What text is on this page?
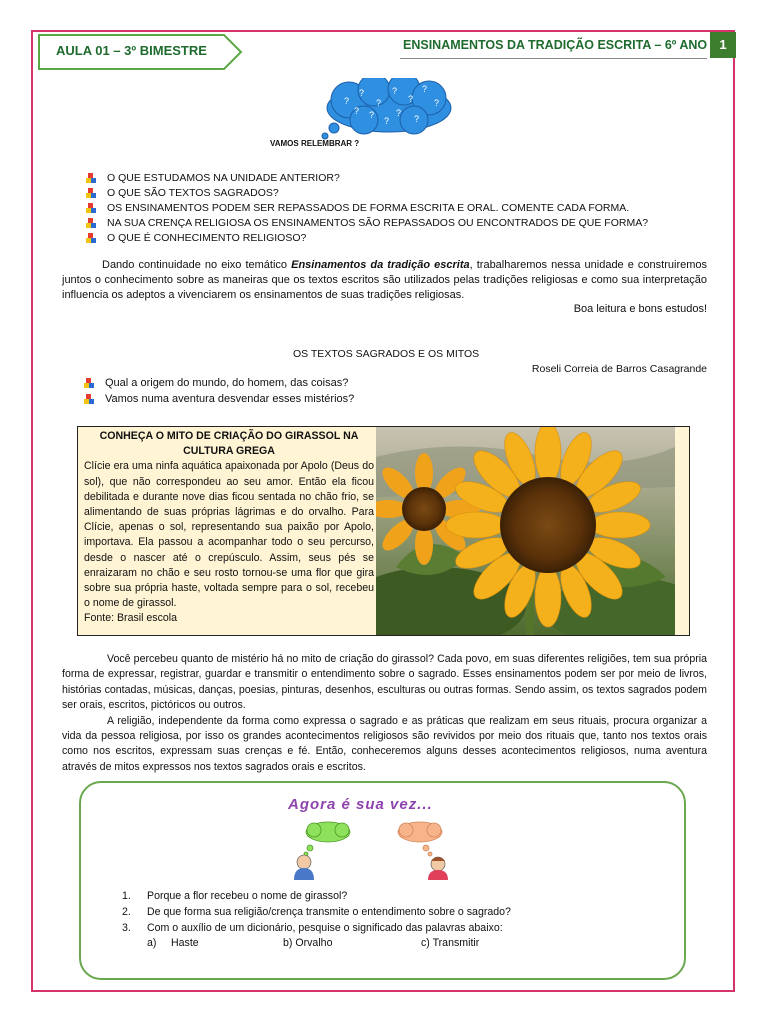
AULA 01 – 3º BIMESTRE	ENSINAMENTOS DA TRADIÇÃO ESCRITA – 6º ANO 1
?
?
?
?
?
?
?
? ?
?
?
?
VAMOS RELEMBRAR ?
O QUE ESTUDAMOS NA UNIDADE ANTERIOR?
O QUE SÃO TEXTOS SAGRADOS?
OS ENSINAMENTOS PODEM SER REPASSADOS DE FORMA ESCRITA E ORAL. COMENTE CADA FORMA.
NA SUA CRENÇA RELIGIOSA OS ENSINAMENTOS SÃO REPASSADOS OU ENCONTRADOS DE QUE FORMA?
O QUE É CONHECIMENTO RELIGIOSO?

Dando continuidade no eixo temático Ensinamentos da tradição escrita, trabalharemos nessa unidade e construiremos juntos o conhecimento sobre as maneiras que os textos escritos são utilizados pelas tradições religiosas e como sua interpretação influencia os adeptos a vivenciarem os ensinamentos de suas tradições religiosas.

Boa leitura e bons estudos!
OS TEXTOS SAGRADOS E OS MITOS
Roseli Correia de Barros Casagrande
Qual a origem do mundo, do homem, das coisas?
Vamos numa aventura desvendar esses mistérios?
CONHEÇA O MITO DE CRIAÇÃO DO GIRASSOL NA CULTURA GREGA
Clície era uma ninfa aquática apaixonada por Apolo (Deus do sol), que não correspondeu ao seu amor. Então ela ficou debilitada e durante nove dias ficou sentada no chão frio, se alimentando de suas próprias lágrimas e do orvalho. Para Clície, apenas o sol, representando sua paixão por Apolo, importava. Ela passou a acompanhar todo o seu percurso, desde o nascer até o crepúsculo. Assim, seus pés se enraizaram no chão e seu rosto tornou-se uma flor que gira sobre sua própria haste, voltada sempre para o sol, recebeu o nome de girassol.
Fonte: Brasil escola

Você percebeu quanto de mistério há no mito de criação do girassol? Cada povo, em suas diferentes religiões, tem sua própria forma de expressar, registrar, guardar e transmitir o entendimento sobre o sagrado. Esses ensinamentos podem ser por meio de livros, histórias contadas, músicas, danças, poesias, pinturas, desenhos, esculturas ou outras formas. Sendo assim, os textos sagrados podem ser orais, escritos, pictóricos ou outros.

A religião, independente da forma como expressa o sagrado e as práticas que realizam em seus rituais, procura organizar a vida da pessoa religiosa, por isso os grandes acontecimentos religiosos são revividos por meio dos rituais que, tanto nos textos orais como nos escritos, expressam suas crenças e fé. Então, conheceremos alguns desses acontecimentos religiosos, numa aventura através de mitos expressos nos textos sagrados orais e escritos.

Agora é sua vez...
1.	Porque a flor recebeu o nome de girassol?
2.	De que forma sua religião/crença transmite o entendimento sobre o sagrado?
3.	Com o auxílio de um dicionário, pesquise o significado das palavras abaixo:
a) Haste	b) Orvalho	c) Transmitir
